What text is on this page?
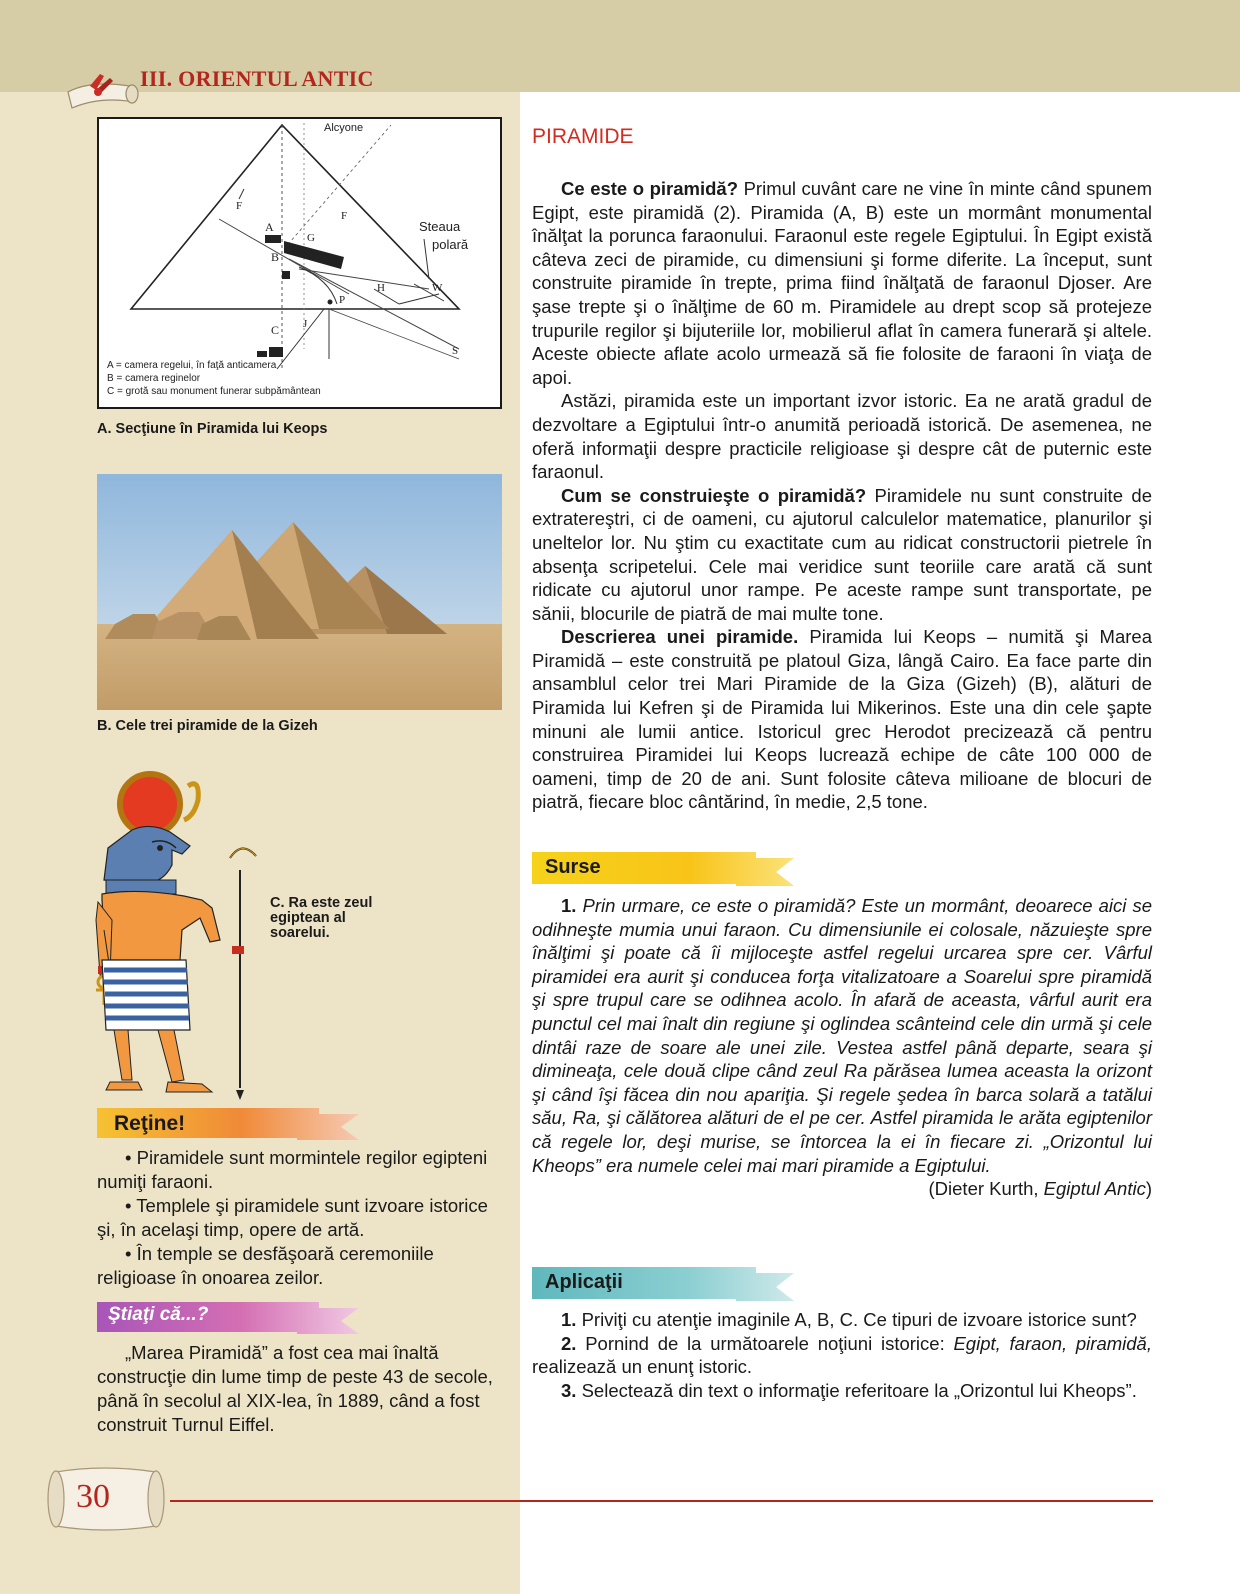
III. ORIENTUL ANTIC
Alcyone
Steaua
polară
A
B
C
F
F
G
H
J
P
W
S
A = camera regelui, în faţă anticamera
B = camera reginelor
C = grotă sau monument funerar subpământean
A. Secţiune în Piramida lui Keops
B. Cele trei piramide de la Gizeh
C. Ra este zeul egiptean al soarelui.
Reţine!

• Piramidele sunt mormintele regilor egipteni numiţi faraoni.

• Templele şi piramidele sunt izvoare istorice şi, în acelaşi timp, opere de artă.

• În temple se desfăşoară ceremoniile religioase în onoarea zeilor.

Ştiaţi că...?

„Marea Piramidă” a fost cea mai înaltă construcţie din lume timp de peste 43 de secole, până în secolul al XIX-lea, în 1889, când a fost construit Turnul Eiffel.

PIRAMIDE

Ce este o piramidă? Primul cuvânt care ne vine în minte când spunem Egipt, este piramidă (2). Piramida (A, B) este un mormânt monumental înălţat la porunca faraonului. Faraonul este regele Egiptului. În Egipt există câteva zeci de piramide, cu dimensiuni şi forme diferite. La început, sunt construite piramide în trepte, prima fiind înălţată de faraonul Djoser. Are şase trepte şi o înălţime de 60 m. Piramidele au drept scop să protejeze trupurile regilor şi bijuteriile lor, mobilierul aflat în camera funerară şi altele. Aceste obiecte aflate acolo urmează să fie folosite de faraoni în viaţa de apoi.

Astăzi, piramida este un important izvor istoric. Ea ne arată gradul de dezvoltare a Egiptului într-o anumită perioadă istorică. De asemenea, ne oferă informaţii despre practicile religioase şi despre cât de puternic este faraonul.

Cum se construieşte o piramidă? Piramidele nu sunt construite de extratereştri, ci de oameni, cu ajutorul calculelor matematice, planurilor şi uneltelor lor. Nu ştim cu exactitate cum au ridicat constructorii pietrele în absenţa scripetelui. Cele mai veridice sunt teoriile care arată că sunt ridicate cu ajutorul unor rampe. Pe aceste rampe sunt transportate, pe sănii, blocurile de piatră de mai multe tone.

Descrierea unei piramide. Piramida lui Keops – numită şi Marea Piramidă – este construită pe platoul Giza, lângă Cairo. Ea face parte din ansamblul celor trei Mari Piramide de la Giza (Gizeh) (B), alături de Piramida lui Kefren şi de Piramida lui Mikerinos. Este una din cele şapte minuni ale lumii antice. Istoricul grec Herodot precizează că pentru construirea Piramidei lui Keops lucrează echipe de câte 100 000 de oameni, timp de 20 de ani. Sunt folosite câteva milioane de blocuri de piatră, fiecare bloc cântărind, în medie, 2,5 tone.

Surse

1. Prin urmare, ce este o piramidă? Este un mormânt, deoarece aici se odihneşte mumia unui faraon. Cu dimensiunile ei colosale, năzuieşte spre înălţimi şi poate că îi mijloceşte astfel regelui urcarea spre cer. Vârful piramidei era aurit şi conducea forţa vitalizatoare a Soarelui spre piramidă şi spre trupul care se odihnea acolo. În afară de aceasta, vârful aurit era punctul cel mai înalt din regiune şi oglindea scânteind cele din urmă şi cele dintâi raze de soare ale unei zile. Vestea astfel până departe, seara şi dimineaţa, cele două clipe când zeul Ra părăsea lumea aceasta la orizont şi când îşi făcea din nou apariţia. Şi regele şedea în barca solară a tatălui său, Ra, şi călătorea alături de el pe cer. Astfel piramida le arăta egiptenilor că regele lor, deşi murise, se întorcea la ei în fiecare zi. „Orizontul lui Kheops” era numele celei mai mari piramide a Egiptului.

(Dieter Kurth, Egiptul Antic)

Aplicaţii

1. Priviţi cu atenţie imaginile A, B, C. Ce tipuri de izvoare istorice sunt?

2. Pornind de la următoarele noţiuni istorice: Egipt, faraon, piramidă, realizează un enunţ istoric.

3. Selectează din text o informaţie referitoare la „Orizontul lui Kheops”.

30
